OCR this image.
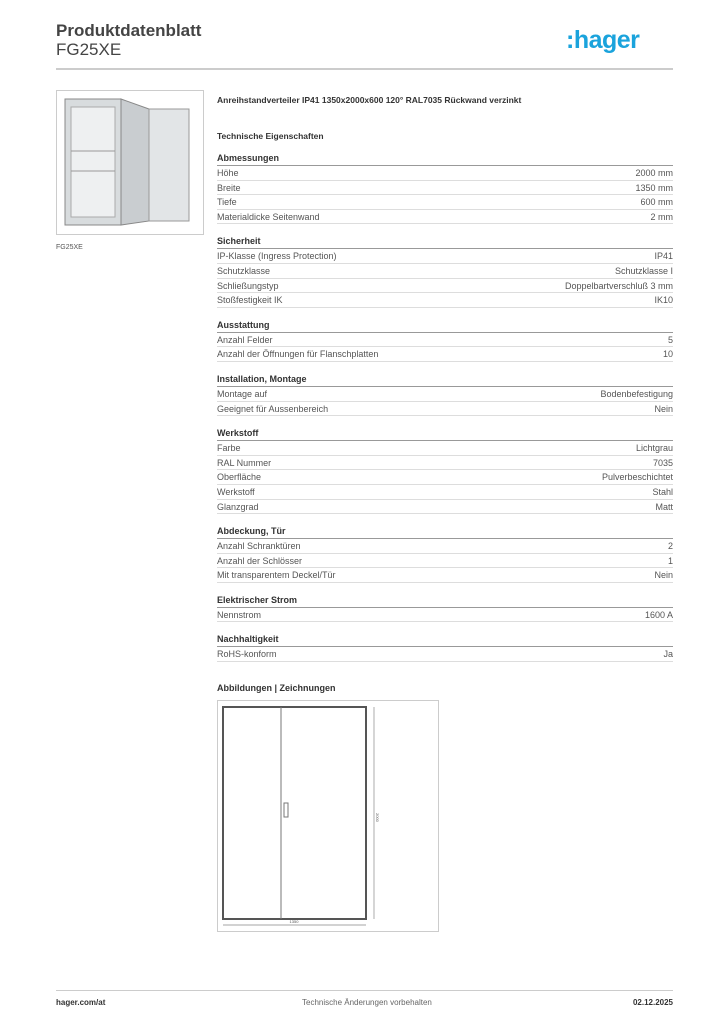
Produktdatenblatt
FG25XE	:hager
FG25XE
Anreihstandverteiler IP41 1350x2000x600 120° RAL7035 Rückwand verzinkt
Technische Eigenschaften
Abmessungen
Höhe	2000 mm
Breite	1350 mm
Tiefe	600 mm
Materialdicke Seitenwand	2 mm
Sicherheit
IP-Klasse (Ingress Protection)	IP41
Schutzklasse	Schutzklasse I
Schließungstyp	Doppelbartverschluß 3 mm
Stoßfestigkeit IK	IK10
Ausstattung
Anzahl Felder	5
Anzahl der Öffnungen für Flanschplatten	10
Installation, Montage
Montage auf	Bodenbefestigung
Geeignet für Aussenbereich	Nein
Werkstoff
Farbe	Lichtgrau
RAL Nummer	7035
Oberfläche	Pulverbeschichtet
Werkstoff	Stahl
Glanzgrad	Matt
Abdeckung, Tür
Anzahl Schranktüren	2
Anzahl der Schlösser	1
Mit transparentem Deckel/Tür	Nein
Elektrischer Strom
Nennstrom	1600 A
Nachhaltigkeit
RoHS-konform	Ja
Abbildungen | Zeichnungen
1350
2000
hager.com/at	Technische Änderungen vorbehalten	02.12.2025
